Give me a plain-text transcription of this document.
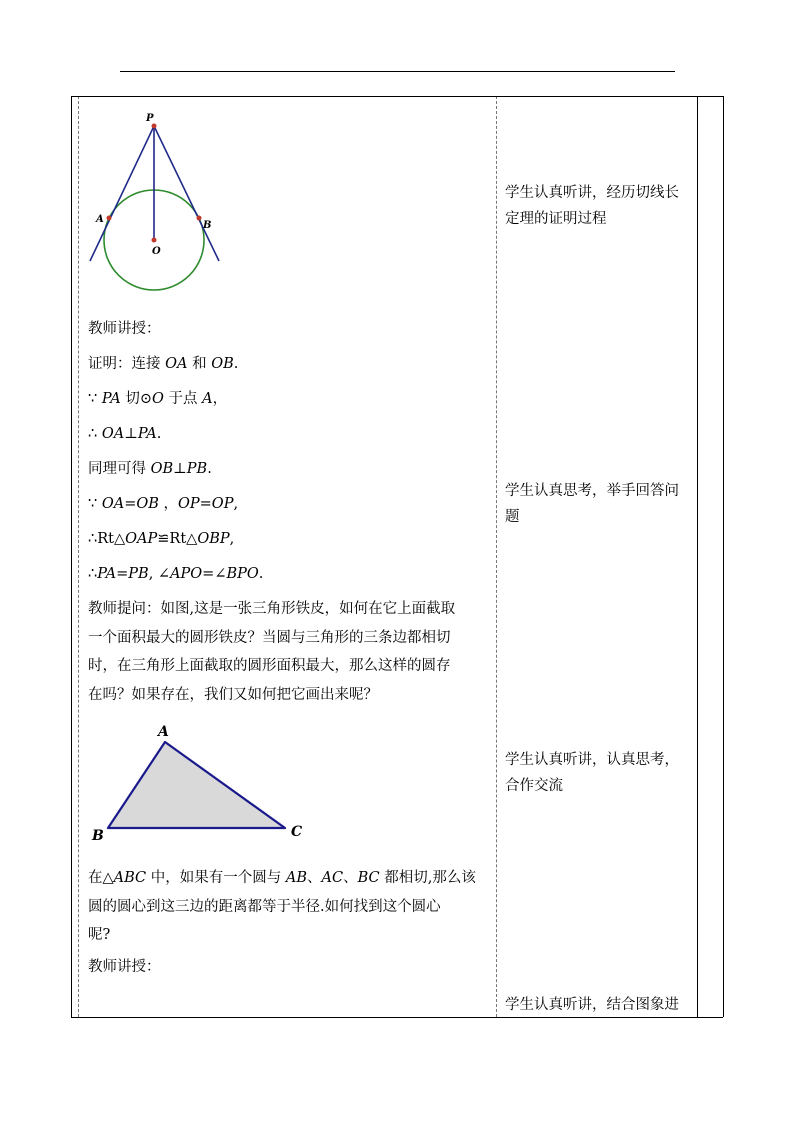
P
A
B
O
A
B	C
教师讲授：
证明：连接 OA 和 OB.
∵ PA 切⊙O 于点 A，
∴ OA⊥PA.
同理可得 OB⊥PB.
∵ OA=OB ，OP=OP,
∴Rt△OAP≌Rt△OBP,
∴PA=PB, ∠APO=∠BPO.
教师提问：如图,这是一张三角形铁皮，如何在它上面截取
一个面积最大的圆形铁皮？当圆与三角形的三条边都相切
时，在三角形上面截取的圆形面积最大，那么这样的圆存
在吗？如果存在，我们又如何把它画出来呢？
在△ABC 中，如果有一个圆与 AB、AC、BC 都相切,那么该
圆的圆心到这三边的距离都等于半径.如何找到这个圆心
呢?
教师讲授：
学生认真听讲，经历切线长
定理的证明过程
学生认真思考，举手回答问
题
学生认真听讲，认真思考，
合作交流
学生认真听讲，结合图象进
